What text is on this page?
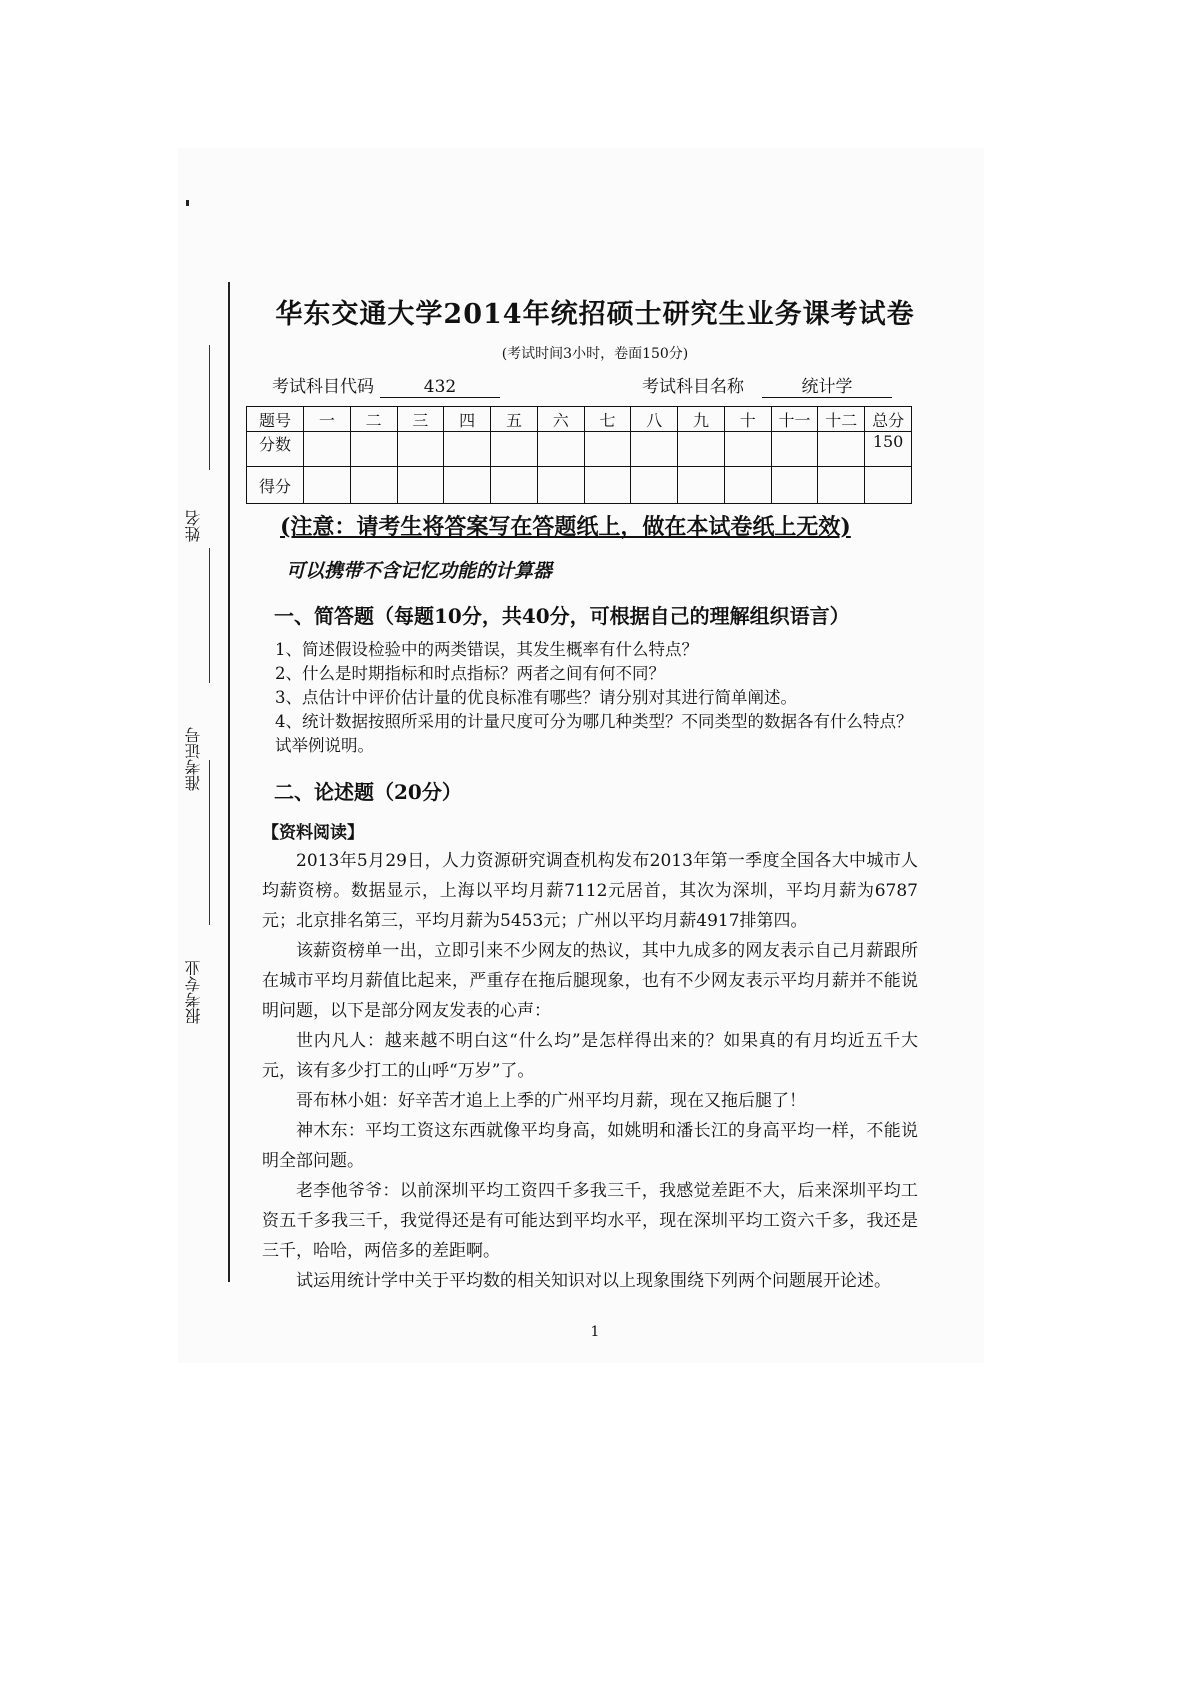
姓名
准考证号
报考专业
华东交通大学2014年统招硕士研究生业务课考试卷
(考试时间3小时，卷面150分)
考试科目代码	432	考试科目名称	统计学
题号	一	二	三	四	五	六	七	八	九	十	十一	十二	总分
分数													150
得分													
(注意：请考生将答案写在答题纸上，做在本试卷纸上无效)
可以携带不含记忆功能的计算器
一、简答题（每题10分，共40分，可根据自己的理解组织语言）
1、简述假设检验中的两类错误，其发生概率有什么特点？
2、什么是时期指标和时点指标？两者之间有何不同？
3、点估计中评价估计量的优良标准有哪些？请分别对其进行简单阐述。
4、统计数据按照所采用的计量尺度可分为哪几种类型？不同类型的数据各有什么特点？试举例说明。
二、论述题（20分）
【资料阅读】
2013年5月29日，人力资源研究调查机构发布2013年第一季度全国各大中城市人均薪资榜。数据显示，上海以平均月薪7112元居首，其次为深圳，平均月薪为6787元；北京排名第三，平均月薪为5453元；广州以平均月薪4917排第四。
该薪资榜单一出，立即引来不少网友的热议，其中九成多的网友表示自己月薪跟所在城市平均月薪值比起来，严重存在拖后腿现象，也有不少网友表示平均月薪并不能说明问题，以下是部分网友发表的心声：
世内凡人：越来越不明白这“什么均”是怎样得出来的？如果真的有月均近五千大元，该有多少打工的山呼“万岁”了。
哥布林小姐：好辛苦才追上上季的广州平均月薪，现在又拖后腿了！
神木东：平均工资这东西就像平均身高，如姚明和潘长江的身高平均一样，不能说明全部问题。
老李他爷爷：以前深圳平均工资四千多我三千，我感觉差距不大，后来深圳平均工资五千多我三千，我觉得还是有可能达到平均水平，现在深圳平均工资六千多，我还是三千，哈哈，两倍多的差距啊。
试运用统计学中关于平均数的相关知识对以上现象围绕下列两个问题展开论述。
1
